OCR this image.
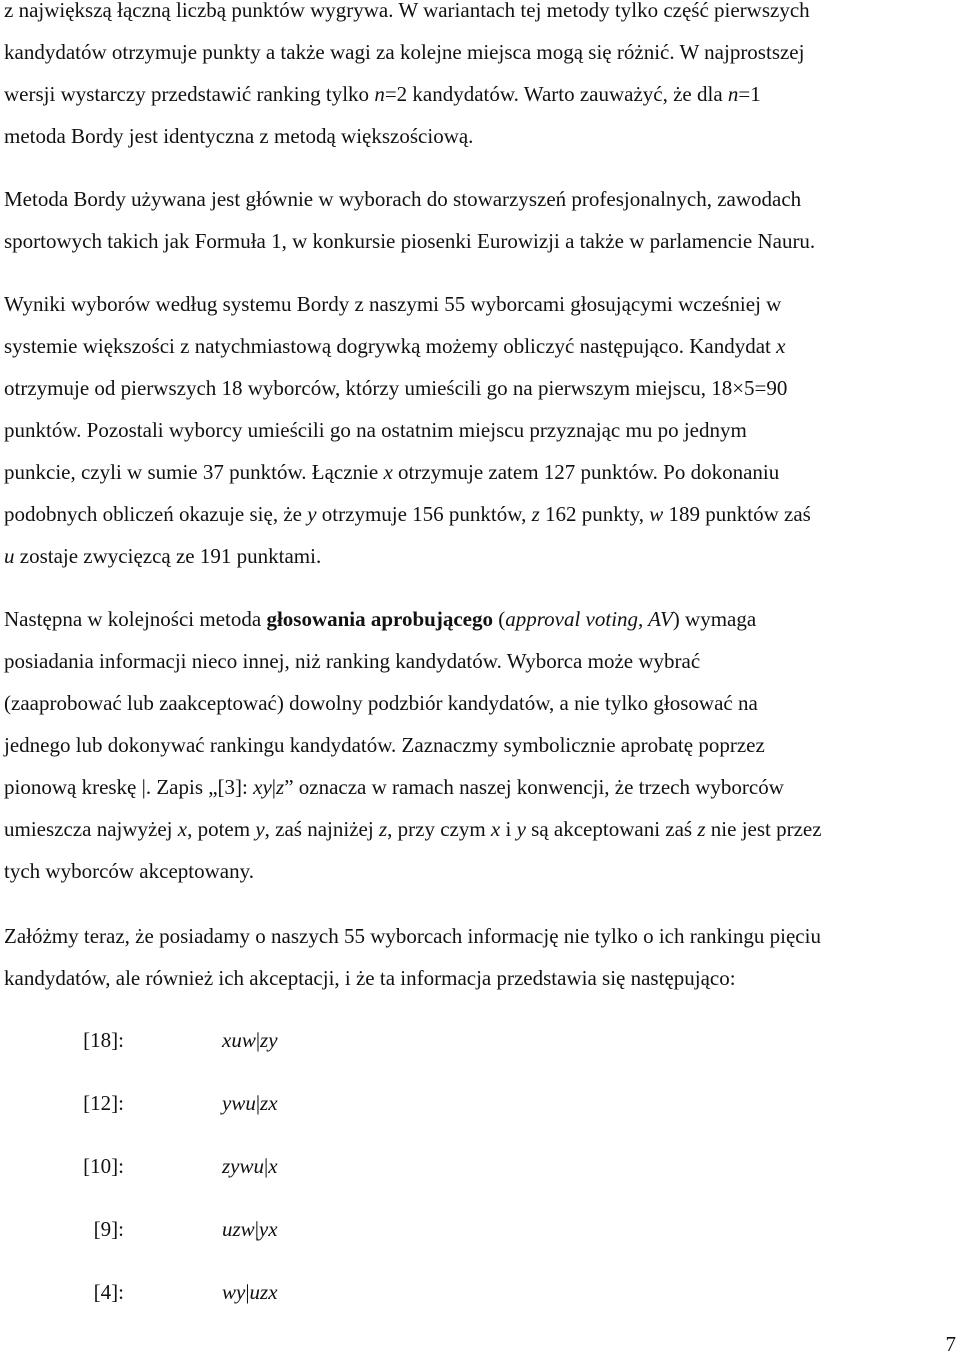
z największą łączną liczbą punktów wygrywa. W wariantach tej metody tylko część pierwszych
kandydatów otrzymuje punkty a także wagi za kolejne miejsca mogą się różnić. W najprostszej
wersji wystarczy przedstawić ranking tylko n=2 kandydatów. Warto zauważyć, że dla n=1
metoda Bordy jest identyczna z metodą większościową.

Metoda Bordy używana jest głównie w wyborach do stowarzyszeń profesjonalnych, zawodach
sportowych takich jak Formuła 1, w konkursie piosenki Eurowizji a także w parlamencie Nauru.

Wyniki wyborów według systemu Bordy z naszymi 55 wyborcami głosującymi wcześniej w
systemie większości z natychmiastową dogrywką możemy obliczyć następująco. Kandydat x
otrzymuje od pierwszych 18 wyborców, którzy umieścili go na pierwszym miejscu, 18×5=90
punktów. Pozostali wyborcy umieścili go na ostatnim miejscu przyznając mu po jednym
punkcie, czyli w sumie 37 punktów. Łącznie x otrzymuje zatem 127 punktów. Po dokonaniu
podobnych obliczeń okazuje się, że y otrzymuje 156 punktów, z 162 punkty, w 189 punktów zaś
u zostaje zwycięzcą ze 191 punktami.

Następna w kolejności metoda głosowania aprobującego (approval voting, AV) wymaga
posiadania informacji nieco innej, niż ranking kandydatów. Wyborca może wybrać
(zaaprobować lub zaakceptować) dowolny podzbiór kandydatów, a nie tylko głosować na
jednego lub dokonywać rankingu kandydatów. Zaznaczmy symbolicznie aprobatę poprzez
pionową kreskę |. Zapis „[3]: xy|z” oznacza w ramach naszej konwencji, że trzech wyborców
umieszcza najwyżej x, potem y, zaś najniżej z, przy czym x i y są akceptowani zaś z nie jest przez
tych wyborców akceptowany.

Załóżmy teraz, że posiadamy o naszych 55 wyborcach informację nie tylko o ich rankingu pięciu
kandydatów, ale również ich akceptacji, i że ta informacja przedstawia się następująco:

[18]:	xuw|zy
[12]:	ywu|zx
[10]:	zywu|x
[9]:	uzw|yx
[4]:	wy|uzx
7
